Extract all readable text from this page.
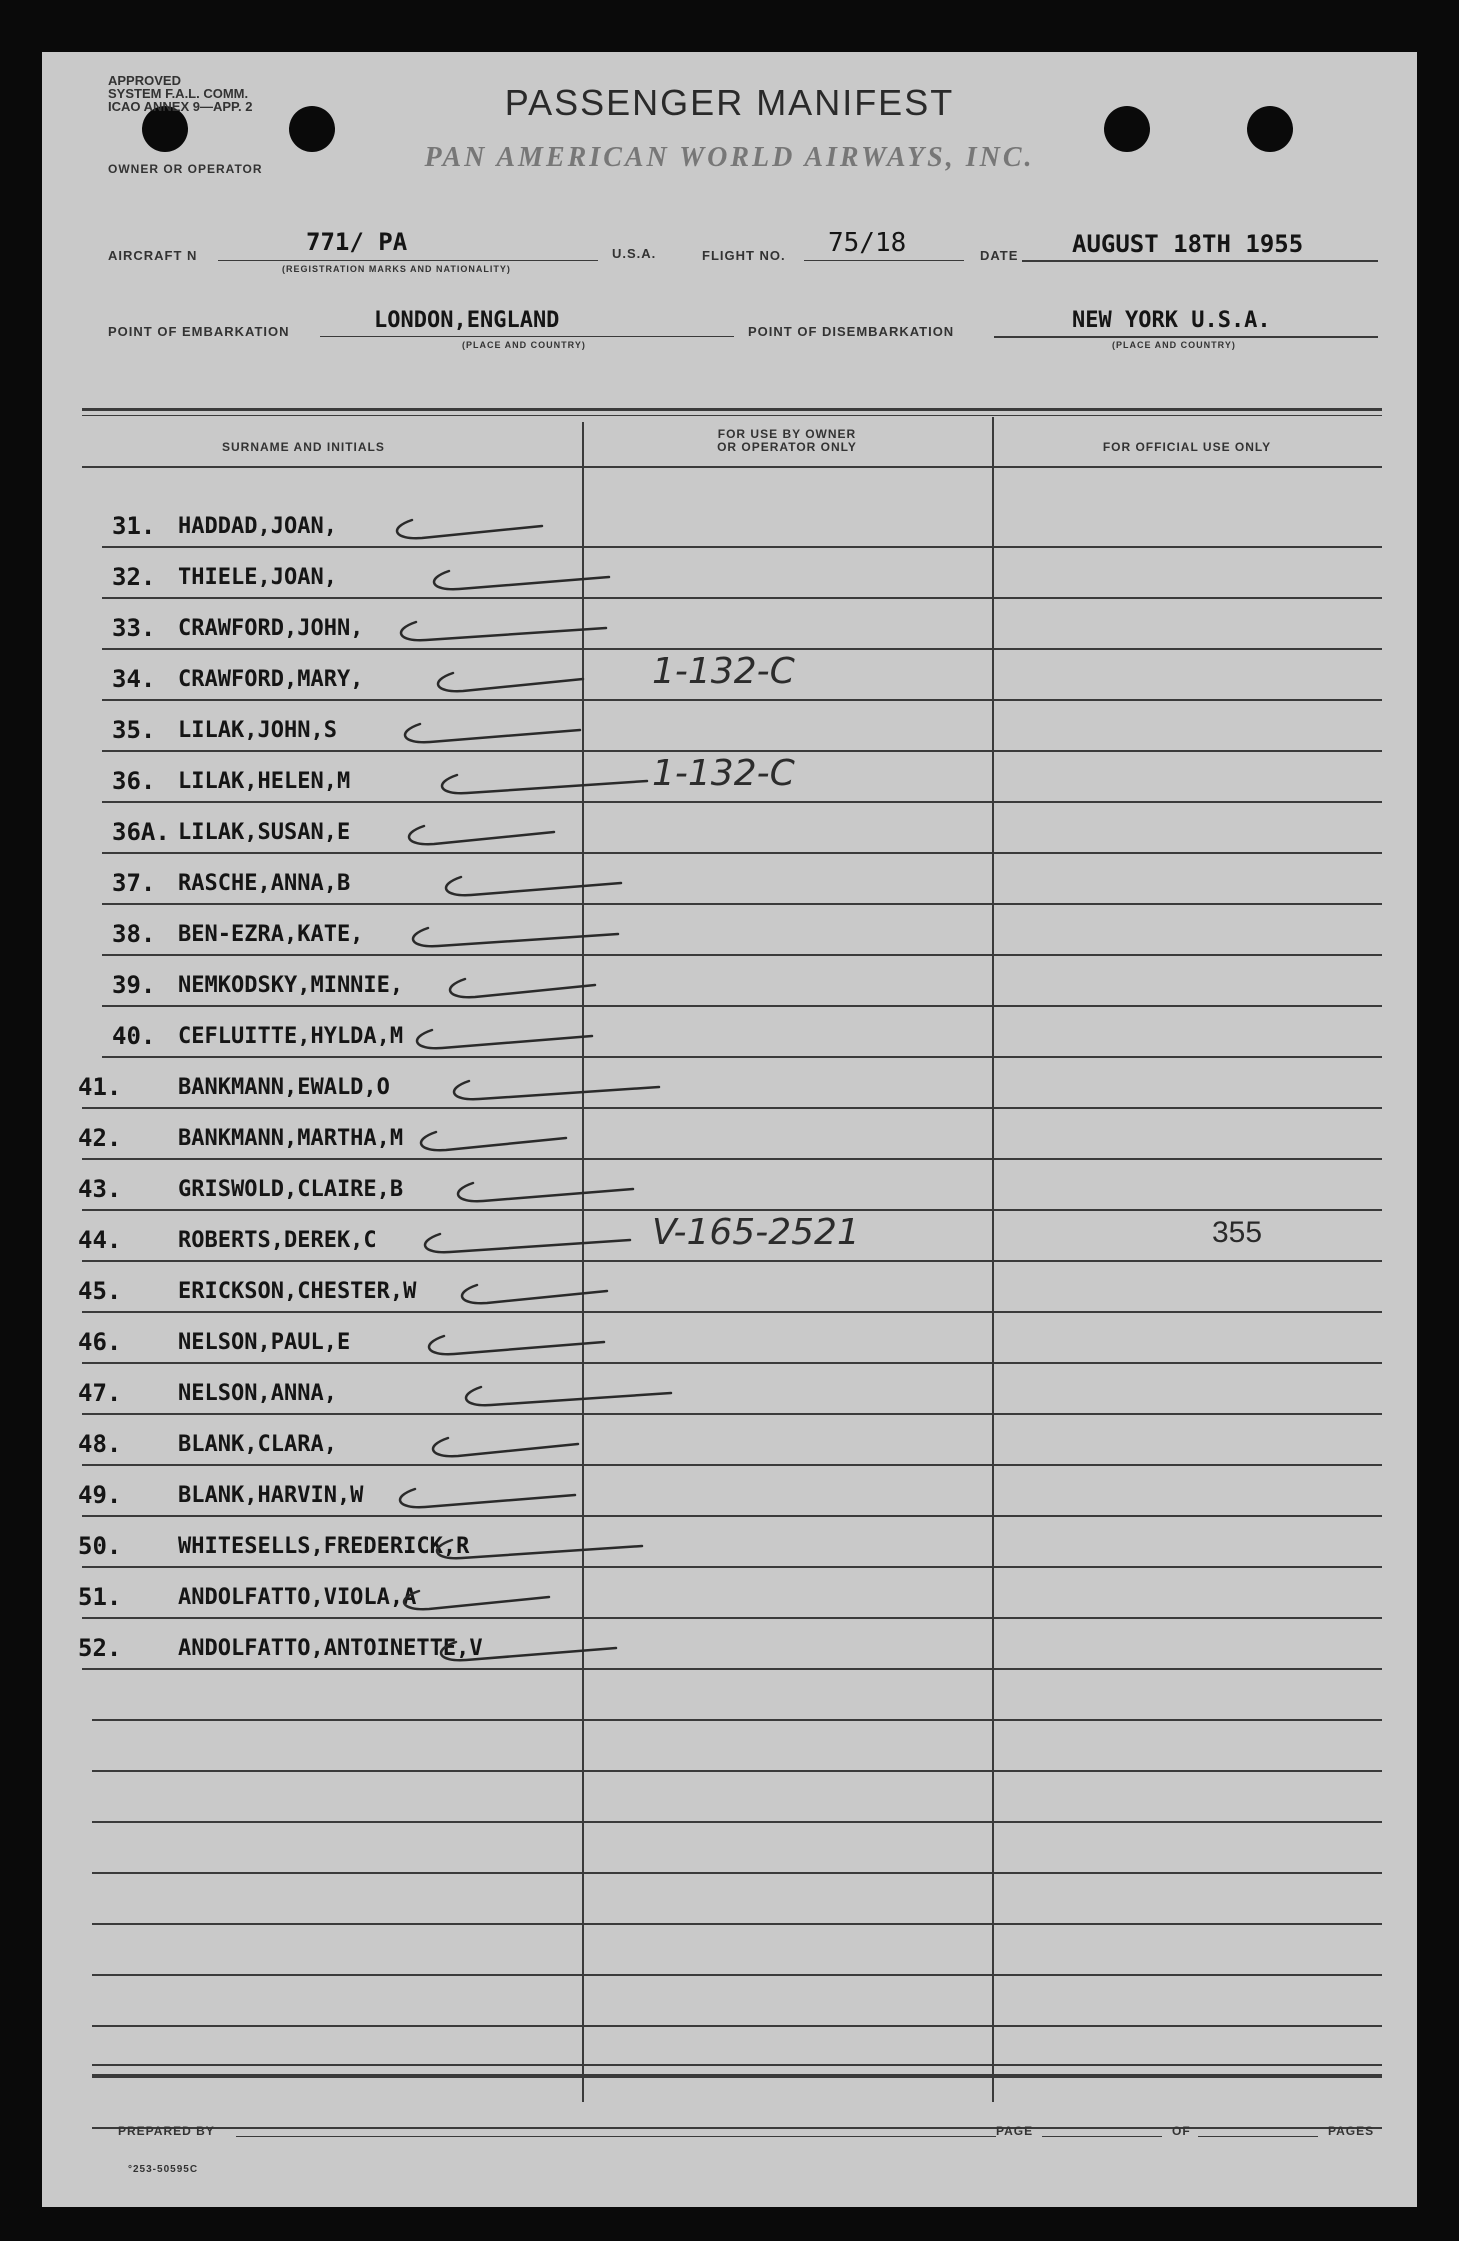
APPROVED
SYSTEM F.A.L. COMM.
ICAO ANNEX 9—APP. 2	PASSENGER MANIFEST
PAN AMERICAN WORLD AIRWAYS, INC.
OWNER OR OPERATOR
AIRCRAFT N	771/ PA
(REGISTRATION MARKS AND NATIONALITY)
U.S.A.	FLIGHT NO. 75/18	DATE AUGUST 18TH 1955
POINT OF EMBARKATION	LONDON,ENGLAND
(PLACE AND COUNTRY)
POINT OF DISEMBARKATION	NEW YORK U.S.A.
(PLACE AND COUNTRY)
SURNAME AND INITIALS
FOR USE BY OWNER
OR OPERATOR ONLY	FOR OFFICIAL USE ONLY
31. HADDAD,JOAN,
32. THIELE,JOAN,
33. CRAWFORD,JOHN,
34. CRAWFORD,MARY,	1-132-C
35. LILAK,JOHN,S
36. LILAK,HELEN,M	1-132-C
36A. LILAK,SUSAN,E
37. RASCHE,ANNA,B
38. BEN-EZRA,KATE,
39. NEMKODSKY,MINNIE,
40. CEFLUITTE,HYLDA,M
41.	BANKMANN,EWALD,O
42.	BANKMANN,MARTHA,M
43.	GRISWOLD,CLAIRE,B
44.	ROBERTS,DEREK,C	V-165-2521	355
45.	ERICKSON,CHESTER,W
46.	NELSON,PAUL,E
47.	NELSON,ANNA,
48.	BLANK,CLARA,
49.	BLANK,HARVIN,W
50.	WHITESELLS,FREDERICK,R
51.	ANDOLFATTO,VIOLA,A
52.	ANDOLFATTO,ANTOINETTE,V
PREPARED BY	PAGE	OF	PAGES
°253-50595C
